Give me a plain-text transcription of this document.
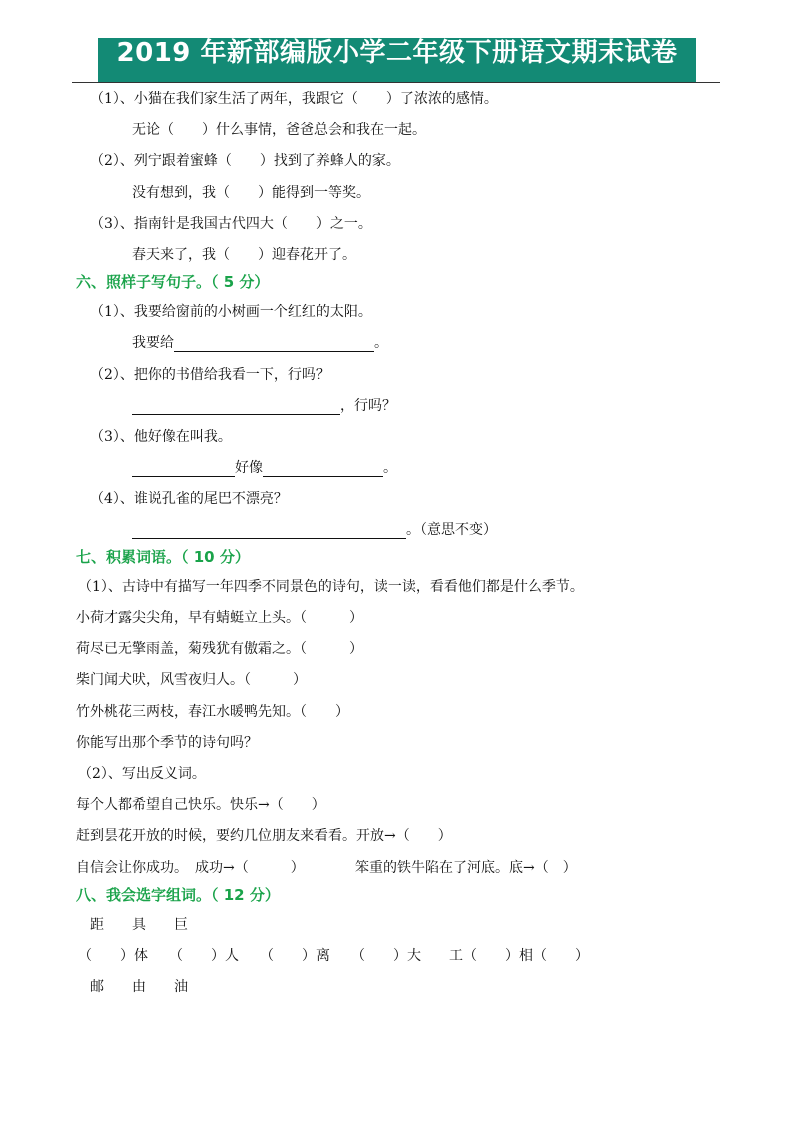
2019 年新部编版小学二年级下册语文期末试卷
（1）、小猫在我们家生活了两年，我跟它（　　）了浓浓的感情。
无论（　　）什么事情，爸爸总会和我在一起。
（2）、列宁跟着蜜蜂（　　）找到了养蜂人的家。
没有想到，我（　　）能得到一等奖。
（3）、指南针是我国古代四大（　　）之一。
春天来了，我（　　）迎春花开了。
六、照样子写句子。（ 5 分）
（1）、我要给窗前的小树画一个红红的太阳。
我要给	。
（2）、把你的书借给我看一下，行吗？
，行吗？
（3）、他好像在叫我。
好像	。
（4）、谁说孔雀的尾巴不漂亮？
。（意思不变）
七、积累词语。（ 10 分）
（1）、古诗中有描写一年四季不同景色的诗句，读一读，看看他们都是什么季节。
小荷才露尖尖角，早有蜻蜓立上头。（　　　）
荷尽已无擎雨盖，菊残犹有傲霜之。（　　　）
柴门闻犬吠，风雪夜归人。（　　　）
竹外桃花三两枝，春江水暖鸭先知。（　　）
你能写出那个季节的诗句吗？
（2）、写出反义词。
每个人都希望自己快乐。快乐→（　　）
赶到昙花开放的时候，要约几位朋友来看看。开放→（　　）
自信会让你成功。　成功→（　　　）	笨重的铁牛陷在了河底。底→（　）
八、我会选字组词。（ 12 分）
距　　具　　巨
（　　）体　　（　　）人　　（　　）离　　（　　）大　　工（　　）相（　　）
邮　　由　　油
